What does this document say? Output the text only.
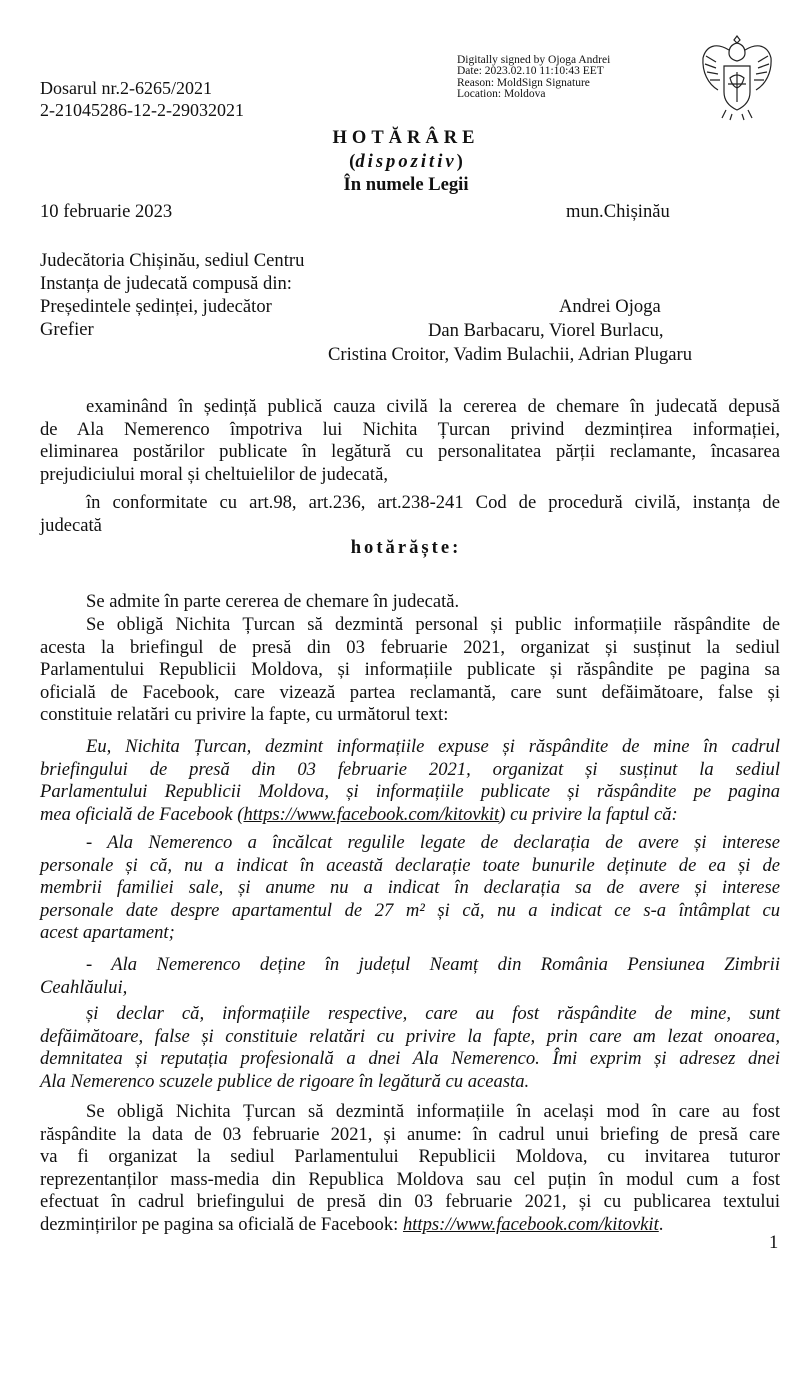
Digitally signed by Ojoga Andrei
Date: 2023.02.10 11:10:43 EET
Reason: MoldSign Signature
Location: Moldova
Dosarul nr.2-6265/2021
2-21045286-12-2-29032021
HOTĂRÂRE
(dispozitiv)
În numele Legii
10 februarie 2023	mun.Chișinău
Judecătoria Chișinău, sediul Centru
Instanța de judecată compusă din:
Președintele ședinței, judecător
Grefier
Andrei Ojoga
Dan Barbacaru, Viorel Burlacu,
Cristina Croitor, Vadim Bulachii, Adrian Plugaru
examinând în ședință publică cauza civilă la cererea de chemare în judecată depusă
de Ala Nemerenco împotriva lui Nichita Țurcan privind dezmințirea informației,
eliminarea postărilor publicate în legătură cu personalitatea părții reclamante, încasarea
prejudiciului moral și cheltuielilor de judecată,
în conformitate cu art.98, art.236, art.238-241 Cod de procedură civilă, instanța de
judecată
hotărăște:
Se admite în parte cererea de chemare în judecată.
Se obligă Nichita Țurcan să dezmintă personal și public informațiile răspândite de
acesta la briefingul de presă din 03 februarie 2021, organizat și susținut la sediul
Parlamentului Republicii Moldova, și informațiile publicate și răspândite pe pagina sa
oficială de Facebook, care vizează partea reclamantă, care sunt defăimătoare, false și
constituie relatări cu privire la fapte, cu următorul text:
Eu, Nichita Țurcan, dezmint informațiile expuse și răspândite de mine în cadrul
briefingului de presă din 03 februarie 2021, organizat și susținut la sediul
Parlamentului Republicii Moldova, și informațiile publicate și răspândite pe pagina
mea oficială de Facebook (https://www.facebook.com/kitovkit) cu privire la faptul că:
- Ala Nemerenco a încălcat regulile legate de declarația de avere și interese
personale și că, nu a indicat în această declarație toate bunurile deținute de ea și de
membrii familiei sale, și anume nu a indicat în declarația sa de avere și interese
personale date despre apartamentul de 27 m² și că, nu a indicat ce s-a întâmplat cu
acest apartament;
- Ala Nemerenco deține în județul Neamț din România Pensiunea Zimbrii
Ceahlăului,
și declar că, informațiile respective, care au fost răspândite de mine, sunt
defăimătoare, false și constituie relatări cu privire la fapte, prin care am lezat onoarea,
demnitatea și reputația profesională a dnei Ala Nemerenco. Îmi exprim și adresez dnei
Ala Nemerenco scuzele publice de rigoare în legătură cu aceasta.
Se obligă Nichita Țurcan să dezmintă informațiile în același mod în care au fost
răspândite la data de 03 februarie 2021, și anume: în cadrul unui briefing de presă care
va fi organizat la sediul Parlamentului Republicii Moldova, cu invitarea tuturor
reprezentanților mass-media din Republica Moldova sau cel puțin în modul cum a fost
efectuat în cadrul briefingului de presă din 03 februarie 2021, și cu publicarea textului
dezmințirilor pe pagina sa oficială de Facebook: https://www.facebook.com/kitovkit.
1
